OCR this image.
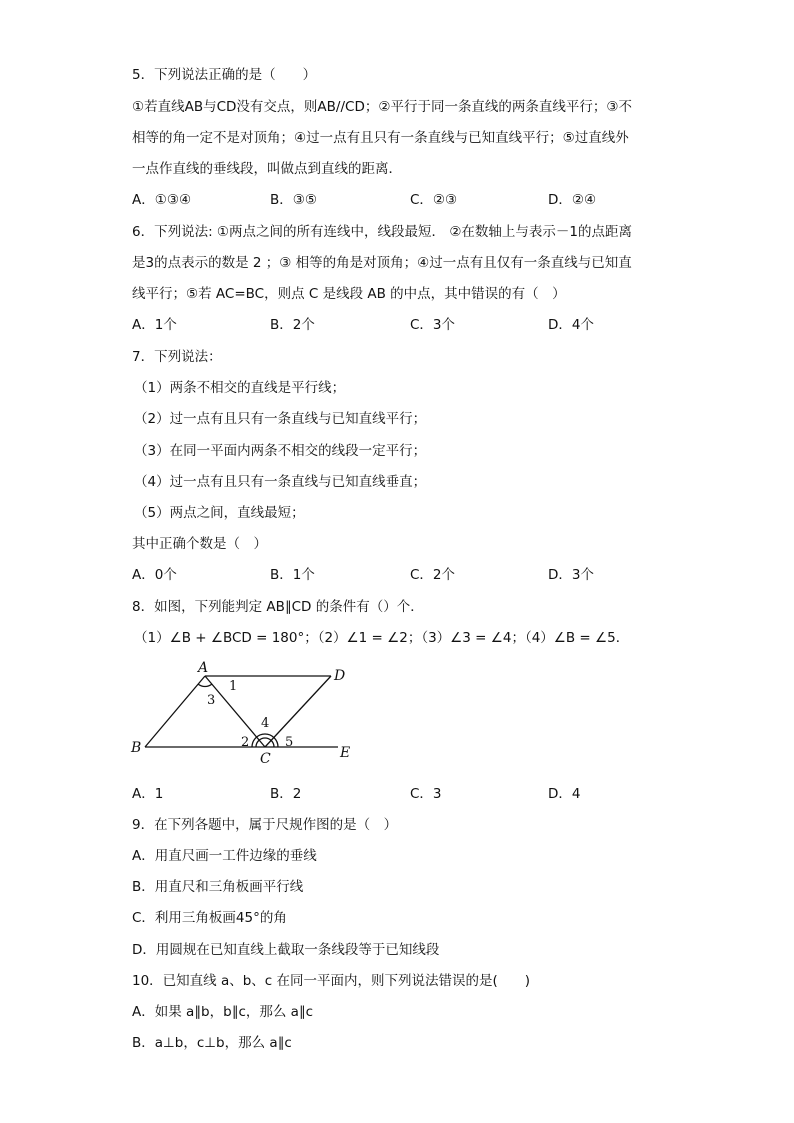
5．下列说法正确的是（　　）
①若直线AB与CD没有交点，则AB//CD；②平行于同一条直线的两条直线平行；③不
相等的角一定不是对顶角；④过一点有且只有一条直线与已知直线平行；⑤过直线外
一点作直线的垂线段，叫做点到直线的距离．
A．①③④	B．③⑤	C．②③	D．②④
6．下列说法: ①两点之间的所有连线中，线段最短． ②在数轴上与表示－1的点距离
是3的点表示的数是 2 ；③ 相等的角是对顶角；④过一点有且仅有一条直线与已知直
线平行；⑤若 AC=BC，则点 C 是线段 AB 的中点，其中错误的有（　）
A．1个	B．2个	C．3个	D．4个
7．下列说法：
（1）两条不相交的直线是平行线；
（2）过一点有且只有一条直线与已知直线平行；
（3）在同一平面内两条不相交的线段一定平行；
（4）过一点有且只有一条直线与已知直线垂直；
（5）两点之间，直线最短；
其中正确个数是（　）
A．0个	B．1个	C．2个	D．3个
8．如图，下列能判定 AB∥CD 的条件有（）个．
（1）∠B + ∠BCD = 180°；（2）∠1 = ∠2；（3）∠3 = ∠4；（4）∠B = ∠5．
A	D
B
C	E
1
3
4
2	5
A．1	B．2	C．3	D．4
9．在下列各题中，属于尺规作图的是（　）
A．用直尺画一工件边缘的垂线
B．用直尺和三角板画平行线
C．利用三角板画45°的角
D．用圆规在已知直线上截取一条线段等于已知线段
10．已知直线 a、b、c 在同一平面内，则下列说法错误的是(　　)
A．如果 a∥b，b∥c，那么 a∥c
B．a⊥b，c⊥b，那么 a∥c
